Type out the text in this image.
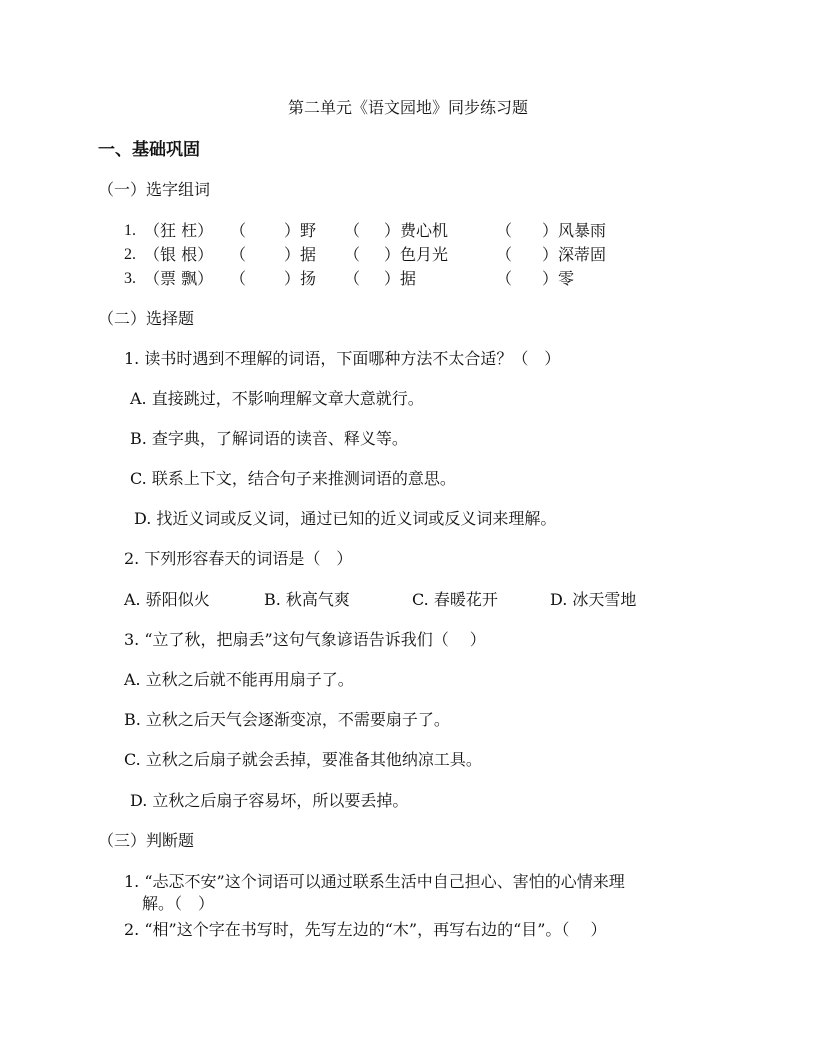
第二单元《语文园地》同步练习题
一、基础巩固
（一）选字组词
1. （狂 枉） （ ）野 （ ）费心机	（ ）风暴雨
2. （银 根） （ ）据 （ ）色月光	（ ）深蒂固
3. （票 飘） （ ）扬 （ ）据	（ ）零
（二）选择题
1. 读书时遇到不理解的词语，下面哪种方法不太合适？（　）
A. 直接跳过，不影响理解文章大意就行。
B. 查字典，了解词语的读音、释义等。
C. 联系上下文，结合句子来推测词语的意思。
D. 找近义词或反义词，通过已知的近义词或反义词来理解。
2. 下列形容春天的词语是（　）
A. 骄阳似火	B. 秋高气爽	C. 春暖花开	D. 冰天雪地
3. “立了秋，把扇丢”这句气象谚语告诉我们（　 ）
A. 立秋之后就不能再用扇子了。
B. 立秋之后天气会逐渐变凉，不需要扇子了。
C. 立秋之后扇子就会丢掉，要准备其他纳凉工具。
D. 立秋之后扇子容易坏，所以要丢掉。
（三）判断题
1. “忐忑不安”这个词语可以通过联系生活中自己担心、害怕的心情来理
解。（　）
2. “相”这个字在书写时，先写左边的“木”，再写右边的“目”。（　 ）
